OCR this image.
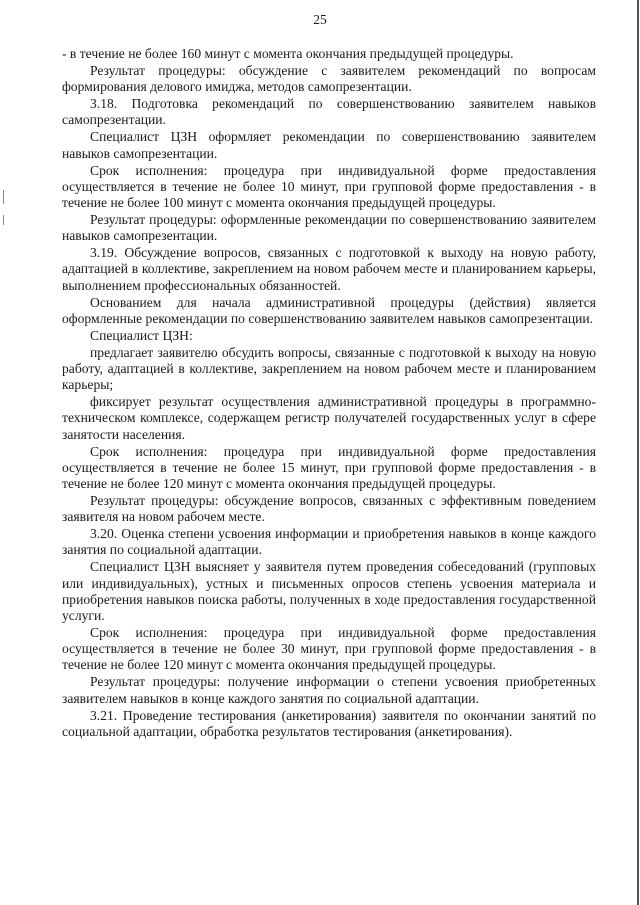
25

- в течение не более 160 минут с момента окончания предыдущей процедуры.

Результат процедуры: обсуждение с заявителем рекомендаций по вопросам формирования делового имиджа, методов самопрезентации.

3.18. Подготовка рекомендаций по совершенствованию заявителем навыков самопрезентации.

Специалист ЦЗН оформляет рекомендации по совершенствованию заявителем навыков самопрезентации.

Срок исполнения: процедура при индивидуальной форме предоставления осуществляется в течение не более 10 минут, при групповой форме предоставления - в течение не более 100 минут с момента окончания предыдущей процедуры.

Результат процедуры: оформленные рекомендации по совершенствованию заявителем навыков самопрезентации.

3.19. Обсуждение вопросов, связанных с подготовкой к выходу на новую работу, адаптацией в коллективе, закреплением на новом рабочем месте и планированием карьеры, выполнением профессиональных обязанностей.

Основанием для начала административной процедуры (действия) является оформленные рекомендации по совершенствованию заявителем навыков самопрезентации.

Специалист ЦЗН:

предлагает заявителю обсудить вопросы, связанные с подготовкой к выходу на новую работу, адаптацией в коллективе, закреплением на новом рабочем месте и планированием карьеры;

фиксирует результат осуществления административной процедуры в программно-техническом комплексе, содержащем регистр получателей государственных услуг в сфере занятости населения.

Срок исполнения: процедура при индивидуальной форме предоставления осуществляется в течение не более 15 минут, при групповой форме предоставления - в течение не более 120 минут с момента окончания предыдущей процедуры.

Результат процедуры: обсуждение вопросов, связанных с эффективным поведением заявителя на новом рабочем месте.

3.20. Оценка степени усвоения информации и приобретения навыков в конце каждого занятия по социальной адаптации.

Специалист ЦЗН выясняет у заявителя путем проведения собеседований (групповых или индивидуальных), устных и письменных опросов степень усвоения материала и приобретения навыков поиска работы, полученных в ходе предоставления государственной услуги.

Срок исполнения: процедура при индивидуальной форме предоставления осуществляется в течение не более 30 минут, при групповой форме предоставления - в течение не более 120 минут с момента окончания предыдущей процедуры.

Результат процедуры: получение информации о степени усвоения приобретенных заявителем навыков в конце каждого занятия по социальной адаптации.

3.21. Проведение тестирования (анкетирования) заявителя по окончании занятий по социальной адаптации, обработка результатов тестирования (анкетирования).
